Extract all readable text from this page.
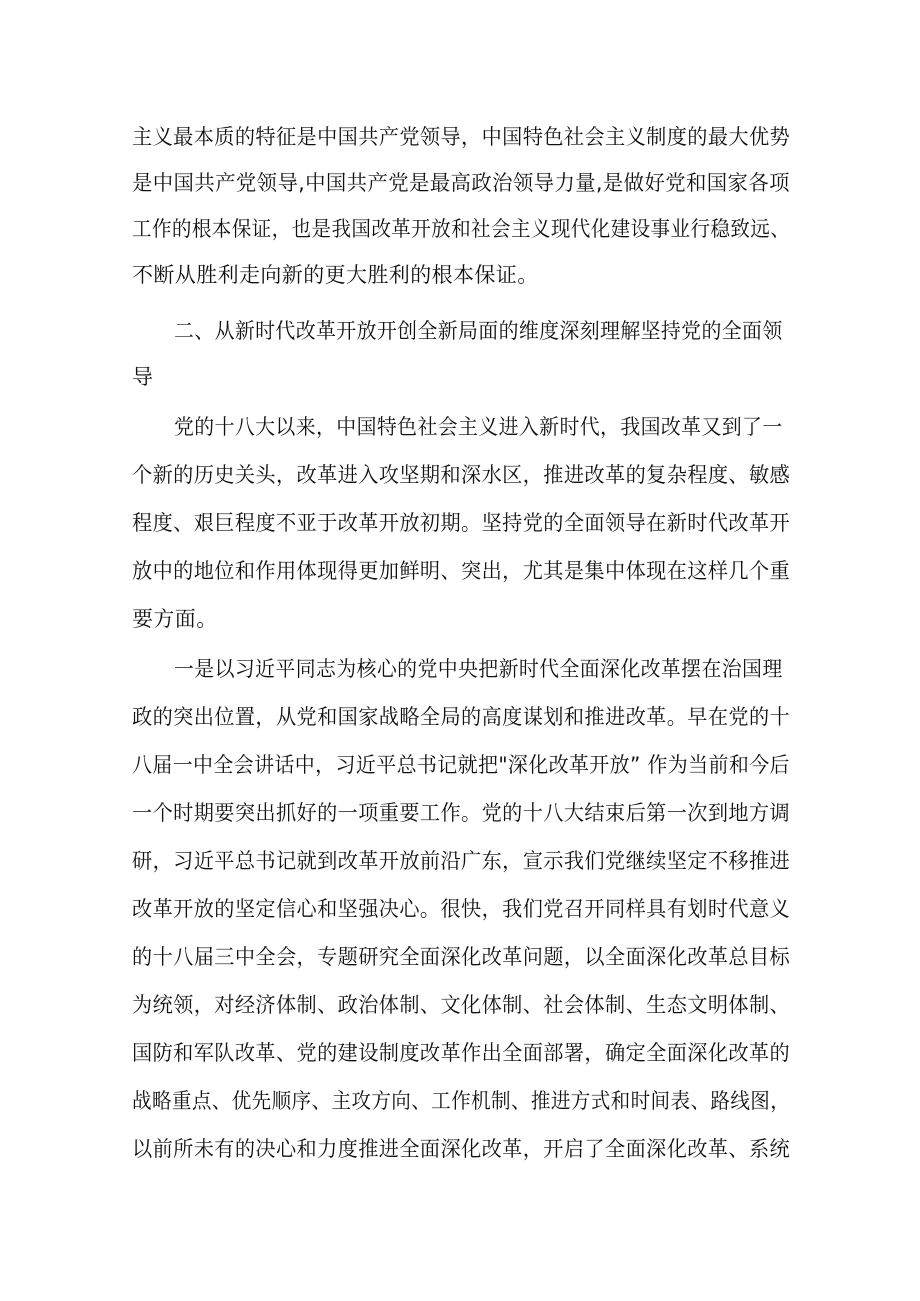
主义最本质的特征是中国共产党领导，中国特色社会主义制度的最大优势
是中国共产党领导,中国共产党是最高政治领导力量,是做好党和国家各项
工作的根本保证，也是我国改革开放和社会主义现代化建设事业行稳致远、
不断从胜利走向新的更大胜利的根本保证。
二、从新时代改革开放开创全新局面的维度深刻理解坚持党的全面领
导
党的十八大以来，中国特色社会主义进入新时代，我国改革又到了一
个新的历史关头，改革进入攻坚期和深水区，推进改革的复杂程度、敏感
程度、艰巨程度不亚于改革开放初期。坚持党的全面领导在新时代改革开
放中的地位和作用体现得更加鲜明、突出，尤其是集中体现在这样几个重
要方面。
一是以习近平同志为核心的党中央把新时代全面深化改革摆在治国理
政的突出位置，从党和国家战略全局的高度谋划和推进改革。早在党的十
八届一中全会讲话中，习近平总书记就把"深化改革开放” 作为当前和今后
一个时期要突出抓好的一项重要工作。党的十八大结束后第一次到地方调
研，习近平总书记就到改革开放前沿广东，宣示我们党继续坚定不移推进
改革开放的坚定信心和坚强决心。很快，我们党召开同样具有划时代意义
的十八届三中全会，专题研究全面深化改革问题，以全面深化改革总目标
为统领，对经济体制、政治体制、文化体制、社会体制、生态文明体制、
国防和军队改革、党的建设制度改革作出全面部署，确定全面深化改革的
战略重点、优先顺序、主攻方向、工作机制、推进方式和时间表、路线图，
以前所未有的决心和力度推进全面深化改革，开启了全面深化改革、系统
